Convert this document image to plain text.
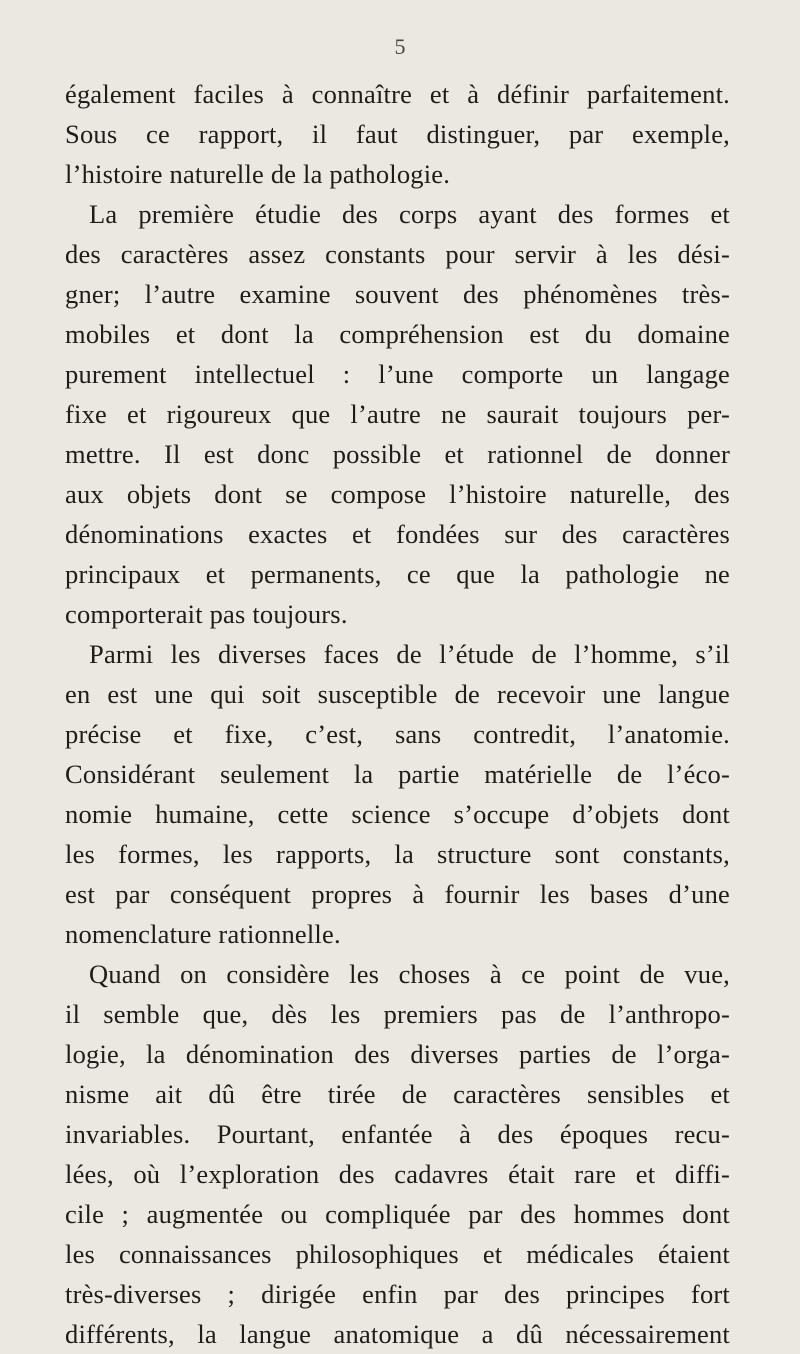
5
également faciles à connaître et à définir parfaitement.
Sous ce rapport, il faut distinguer, par exemple,
l’histoire naturelle de la pathologie.
La première étudie des corps ayant des formes et
des caractères assez constants pour servir à les dési-
gner; l’autre examine souvent des phénomènes très-
mobiles et dont la compréhension est du domaine
purement intellectuel : l’une comporte un langage
fixe et rigoureux que l’autre ne saurait toujours per-
mettre. Il est donc possible et rationnel de donner
aux objets dont se compose l’histoire naturelle, des
dénominations exactes et fondées sur des caractères
principaux et permanents, ce que la pathologie ne
comporterait pas toujours.
Parmi les diverses faces de l’étude de l’homme, s’il
en est une qui soit susceptible de recevoir une langue
précise et fixe, c’est, sans contredit, l’anatomie.
Considérant seulement la partie matérielle de l’éco-
nomie humaine, cette science s’occupe d’objets dont
les formes, les rapports, la structure sont constants,
est par conséquent propres à fournir les bases d’une
nomenclature rationnelle.
Quand on considère les choses à ce point de vue,
il semble que, dès les premiers pas de l’anthropo-
logie, la dénomination des diverses parties de l’orga-
nisme ait dû être tirée de caractères sensibles et
invariables. Pourtant, enfantée à des époques recu-
lées, où l’exploration des cadavres était rare et diffi-
cile ; augmentée ou compliquée par des hommes dont
les connaissances philosophiques et médicales étaient
très-diverses ; dirigée enfin par des principes fort
différents, la langue anatomique a dû nécessairement
